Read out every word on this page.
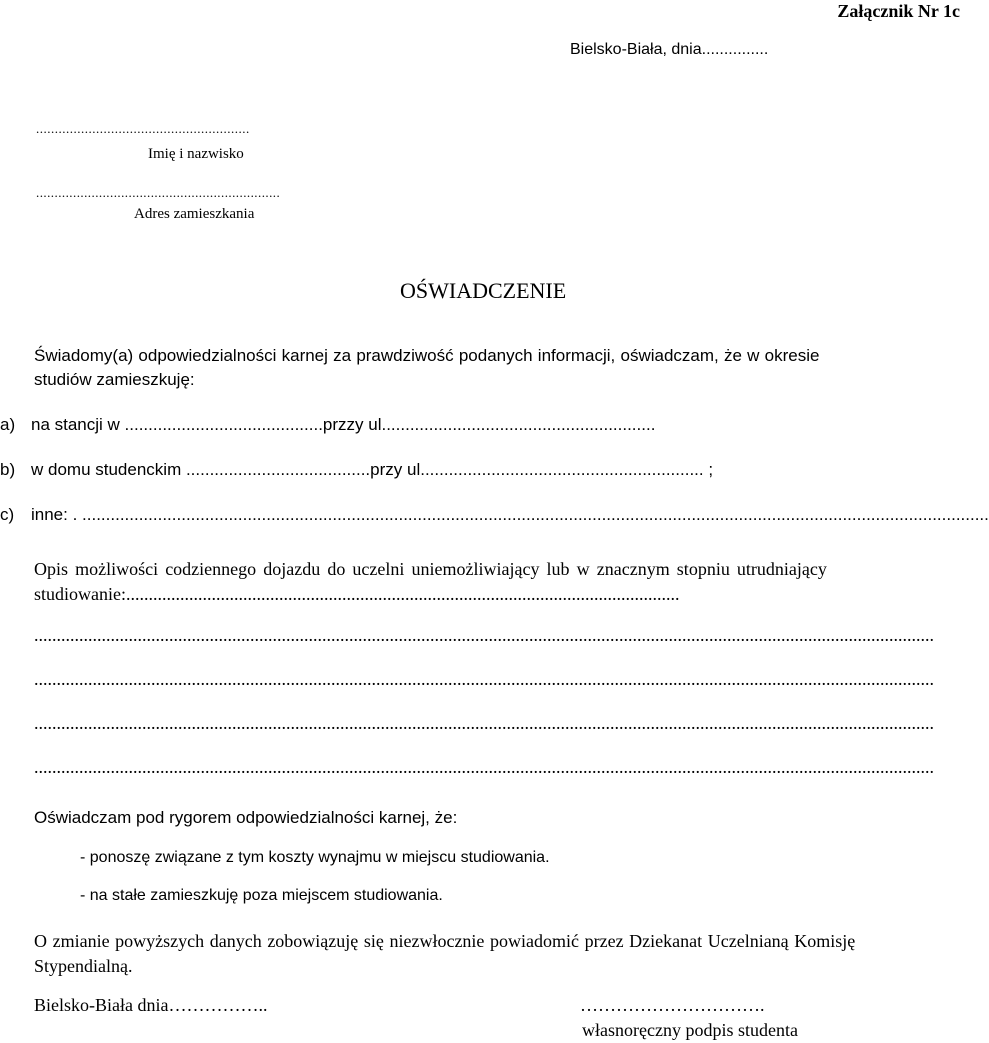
Załącznik Nr 1c
Bielsko-Biała, dnia...............
.........................................................
Imię i nazwisko
..................................................................
Adres zamieszkania
OŚWIADCZENIE
Świadomy(a) odpowiedzialności karnej za prawdziwość podanych informacji, oświadczam, że w okresie
studiów zamieszkuję:
a) na stancji w ..........................................przzy ul..........................................................
b) w domu studenckim .......................................przy ul............................................................ ;
c) inne: . ................................................................................................................................................................................................
Opis możliwości codziennego dojazdu do uczelni uniemożliwiający lub w znacznym stopniu utrudniający
studiowanie:...........................................................................................................................
........................................................................................................................................................................................................
........................................................................................................................................................................................................
........................................................................................................................................................................................................
........................................................................................................................................................................................................
Oświadczam pod rygorem odpowiedzialności karnej, że:
- ponoszę związane z tym koszty wynajmu w miejscu studiowania.
- na stałe zamieszkuję poza miejscem studiowania.
O zmianie powyższych danych zobowiązuję się niezwłocznie powiadomić przez Dziekanat Uczelnianą Komisję
Stypendialną.
Bielsko-Biała dnia……………..	………………………….
własnoręczny podpis studenta
